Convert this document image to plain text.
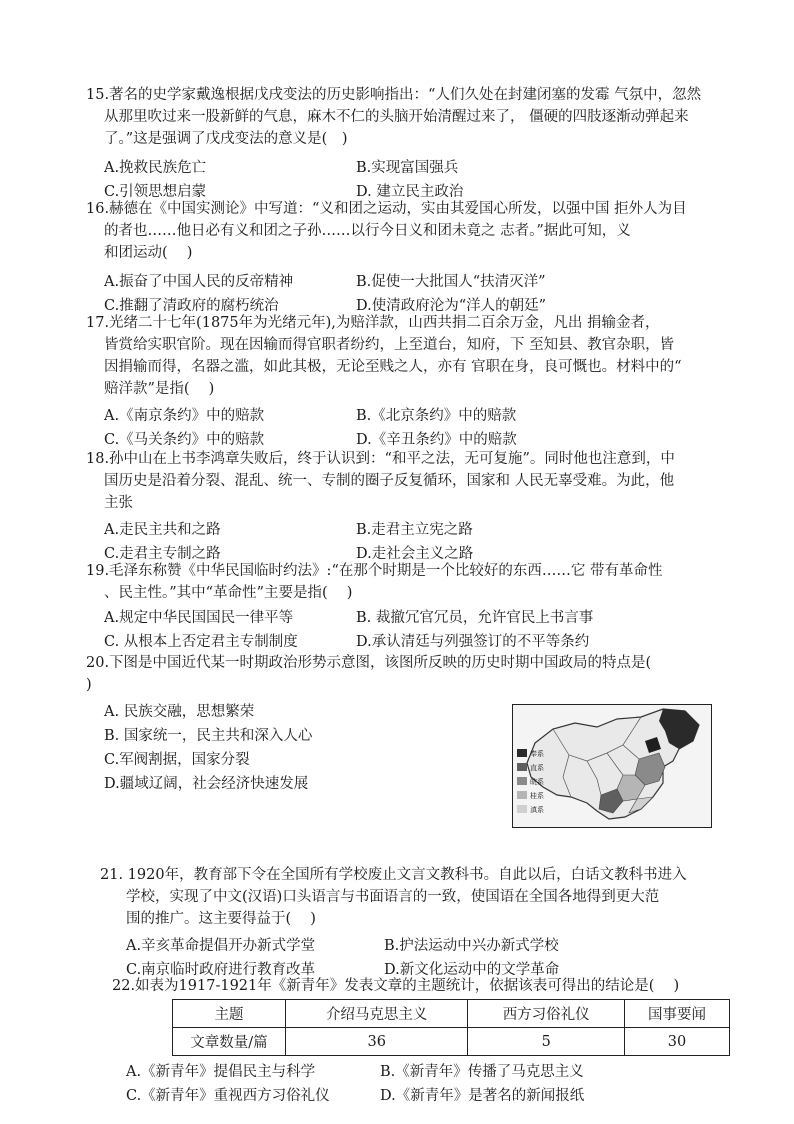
15.著名的史学家戴逸根据戊戌变法的历史影响指出：“人们久处在封建闭塞的发霉 气氛中，忽然
从那里吹过来一股新鲜的气息，麻木不仁的头脑开始清醒过来了， 僵硬的四肢逐渐动弹起来
了。”这是强调了戊戌变法的意义是(　)
A.挽救民族危亡	B.实现富国强兵
C.引领思想启蒙	D. 建立民主政治
16.赫德在《中国实测论》中写道：“义和团之运动，实由其爱国心所发，以强中国 拒外人为目
的者也……他日必有义和团之子孙……以行今日义和团未竟之 志者。”据此可知，义
和团运动(　 )
A.振奋了中国人民的反帝精神	B.促使一大批国人“扶清灭洋”
C.推翻了清政府的腐朽统治	D.使清政府沦为“洋人的朝廷”
17.光绪二十七年(1875年为光绪元年),为赔洋款，山西共捐二百余万金，凡出 捐输金者，
皆赏给实职官阶。现在因输而得官职者纷约，上至道台，知府，下 至知县、教官杂职，皆
因捐输而得，名器之滥，如此其极，无论至贱之人，亦有 官职在身，良可慨也。材料中的“
赔洋款”是指(　 )
A.《南京条约》中的赔款	B.《北京条约》中的赔款
C.《马关条约》中的赔款	D.《辛丑条约》中的赔款
18.孙中山在上书李鸿章失败后，终于认识到：“和平之法，无可复施”。同时他也注意到，中
国历史是沿着分裂、混乱、统一、专制的圈子反复循环，国家和 人民无辜受难。为此，他
主张
A.走民主共和之路	B.走君主立宪之路
C.走君主专制之路	D.走社会主义之路
19.毛泽东称赞《中华民国临时约法》:“在那个时期是一个比较好的东西……它 带有革命性
、民主性。”其中“革命性”主要是指(　 )
A.规定中华民国国民一律平等	B. 裁撤冗官冗员，允许官民上书言事
C. 从根本上否定君主专制制度	D.承认清廷与列强签订的不平等条约
20.下图是中国近代某一时期政治形势示意图，该图所反映的历史时期中国政局的特点是(
)
A. 民族交融，思想繁荣
B. 国家统一，民主共和深入人心
C.军阀割据，国家分裂
D.疆域辽阔，社会经济快速发展
奉系
直系
皖系
桂系
滇系
21. 1920年，教育部下令在全国所有学校废止文言文教科书。自此以后，白话文教科书进入
学校，实现了中文(汉语)口头语言与书面语言的一致，使国语在全国各地得到更大范
围的推广。这主要得益于(　 )
A.辛亥革命提倡开办新式学堂	B.护法运动中兴办新式学校
C.南京临时政府进行教育改革	D.新文化运动中的文学革命
22.如表为1917-1921年《新青年》发表文章的主题统计，依据该表可得出的结论是(　 )
主题	介绍马克思主义	西方习俗礼仪	国事要闻
文章数量/篇	36	5	30
A.《新青年》提倡民主与科学	B.《新青年》传播了马克思主义
C.《新青年》重视西方习俗礼仪	D.《新青年》是著名的新闻报纸
